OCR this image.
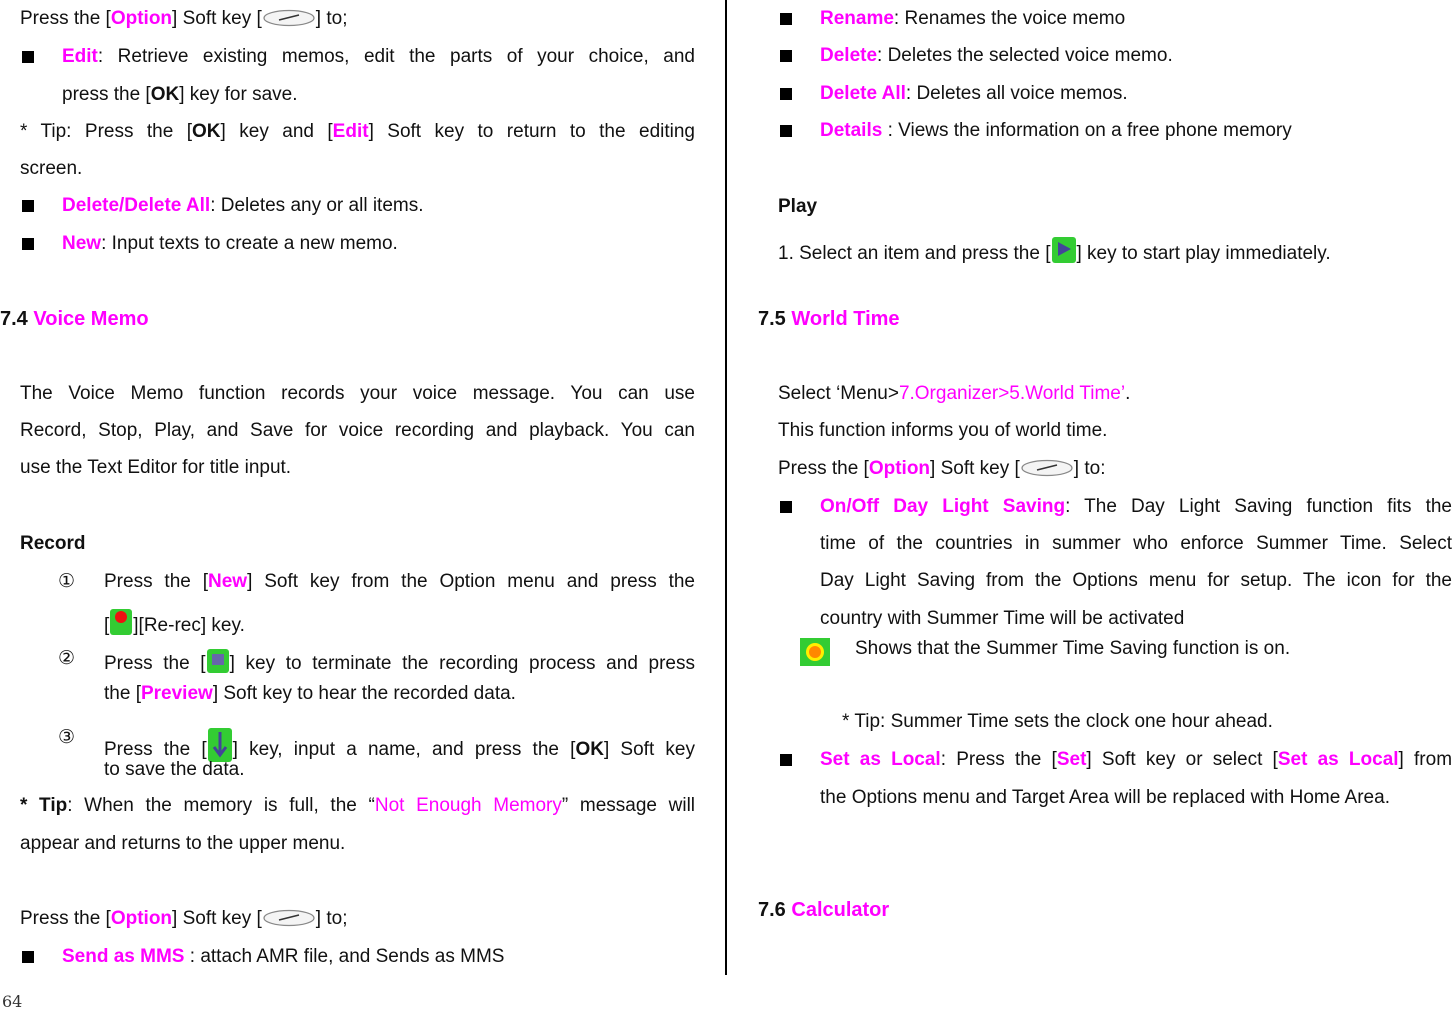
Press the [Option] Soft key [	] to;
Edit: Retrieve existing memos, edit the parts of your choice, and
press the [OK] key for save.
* Tip: Press the [OK] key and [Edit] Soft key to return to the editing
screen.
Delete/Delete All: Deletes any or all items.
New: Input texts to create a new memo.
7.4 Voice Memo
The Voice Memo function records your voice message. You can use
Record, Stop, Play, and Save for voice recording and playback. You can
use the Text Editor for title input.
Record
① Press the [New] Soft key from the Option menu and press the
[ ][Re-rec] key.
② Press the [ ] key to terminate the recording process and press
the [Preview] Soft key to hear the recorded data.
③
Press the [ ] key, input a name, and press the [OK] Soft key
to save the data.
* Tip: When the memory is full, the “Not Enough Memory” message will
appear and returns to the upper menu.
Press the [Option] Soft key [	] to;
Send as MMS : attach AMR file, and Sends as MMS
Rename: Renames the voice memo
Delete: Deletes the selected voice memo.
Delete All: Deletes all voice memos.
Details : Views the information on a free phone memory
Play
1. Select an item and press the [ ] key to start play immediately.
7.5 World Time
Select ‘Menu>7.Organizer>5.World Time’.
This function informs you of world time.
Press the [Option] Soft key [	] to:
On/Off Day Light Saving: The Day Light Saving function fits the
time of the countries in summer who enforce Summer Time. Select
Day Light Saving from the Options menu for setup. The icon for the
country with Summer Time will be activated
Shows that the Summer Time Saving function is on.
* Tip: Summer Time sets the clock one hour ahead.
Set as Local: Press the [Set] Soft key or select [Set as Local] from
the Options menu and Target Area will be replaced with Home Area.
7.6 Calculator
64
